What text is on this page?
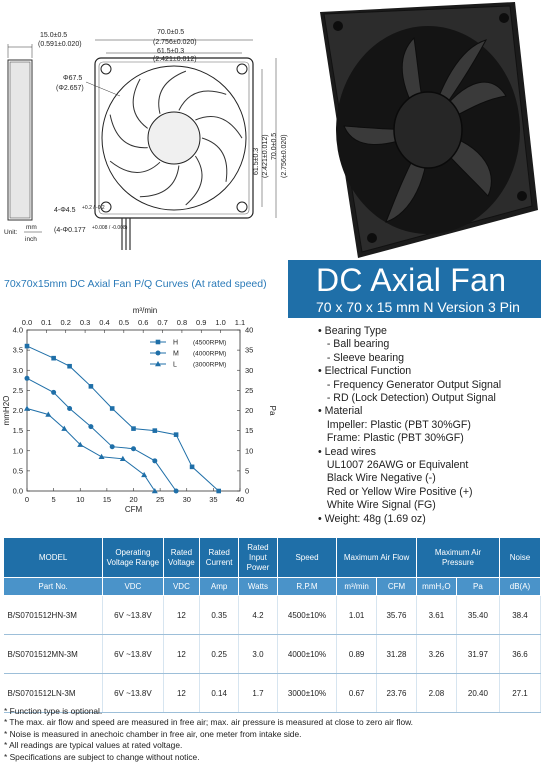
15.0±0.5
(0.591±0.020)
70.0±0.5
(2.756±0.020)
61.5±0.3
(2.421±0.012)
Φ67.5
(Φ2.657)
61.5±0.3 (2.421±0.012) 70.0±0.5 (2.756±0.020)
4-Φ4.5
(4-Φ0.177
+0.2 / -0.2
+0.008 / -0.008)
Unit:
mm
inch
70x70x15mm DC Axial Fan P/Q Curves (At rated speed) DC Axial Fan
70 x 70 x 15 mm N Version 3 Pin
0	5	10 15 20 25 30 35 40
0.0 0.1 0.2 0.3 0.4 0.5 0.6 0.7 0.8 0.9 1.0 1.1
0.0
0.5
1.0
1.5
2.0
2.5
3.0
3.5
4.0
0
5
10
15
20
25
30
35
40
CFM
m³/min
mmH2O	Pa
H (4500RPM)
M (4000RPM)
L (3000RPM)
• Bearing Type
- Ball bearing
- Sleeve bearing
• Electrical Function
- Frequency Generator Output Signal
- RD (Lock Detection) Output Signal
• Material
Impeller: Plastic (PBT 30%GF)
Frame: Plastic (PBT 30%GF)
• Lead wires
UL1007 26AWG or Equivalent
Black Wire Negative (-)
Red or Yellow Wire Positive (+)
White Wire Signal (FG)
• Weight: 48g (1.69 oz)
MODEL	Operating Voltage Range	Rated Voltage	Rated Current	Rated Input Power	Speed	Maximum Air Flow		Maximum Air Pressure		Noise
Part No.	VDC	VDC	Amp	Watts	R.P.M	m³/min	CFM	mmH₂O	Pa	dB(A)
B/S0701512HN-3M	6V ~13.8V	12	0.35	4.2	4500±10%	1.01	35.76	3.61	35.40	38.4
B/S0701512MN-3M	6V ~13.8V	12	0.25	3.0	4000±10%	0.89	31.28	3.26	31.97	36.6
B/S0701512LN-3M	6V ~13.8V	12	0.14	1.7	3000±10%	0.67	23.76	2.08	20.40	27.1
* Function type is optional.
* The max. air flow and speed are measured in free air; max. air pressure is measured at close to zero air flow.
* Noise is measured in anechoic chamber in free air, one meter from intake side.
* All readings are typical values at rated voltage.
* Specifications are subject to change without notice.
